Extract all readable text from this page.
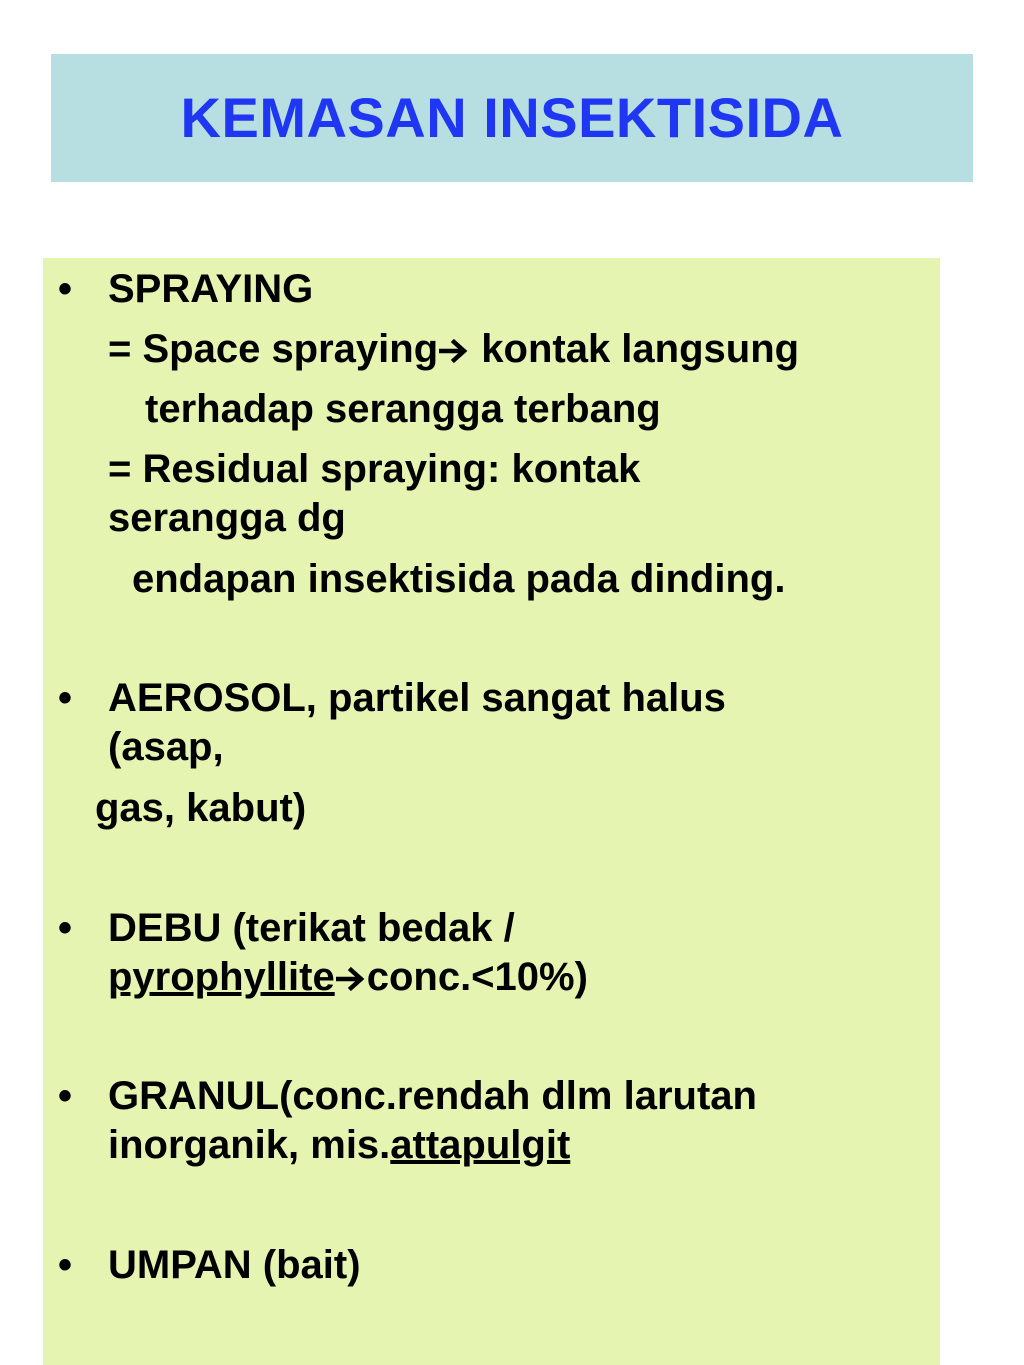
KEMASAN INSEKTISIDA
• SPRAYING
= Space spraying kontak langsung
terhadap serangga terbang
= Residual spraying: kontak
serangga dg
endapan insektisida pada dinding.
• AEROSOL, partikel sangat halus
(asap,
gas, kabut)
• DEBU (terikat bedak /
pyrophyllite conc.<10%)
• GRANUL(conc.rendah dlm larutan
inorganik, mis.attapulgit
• UMPAN (bait)
